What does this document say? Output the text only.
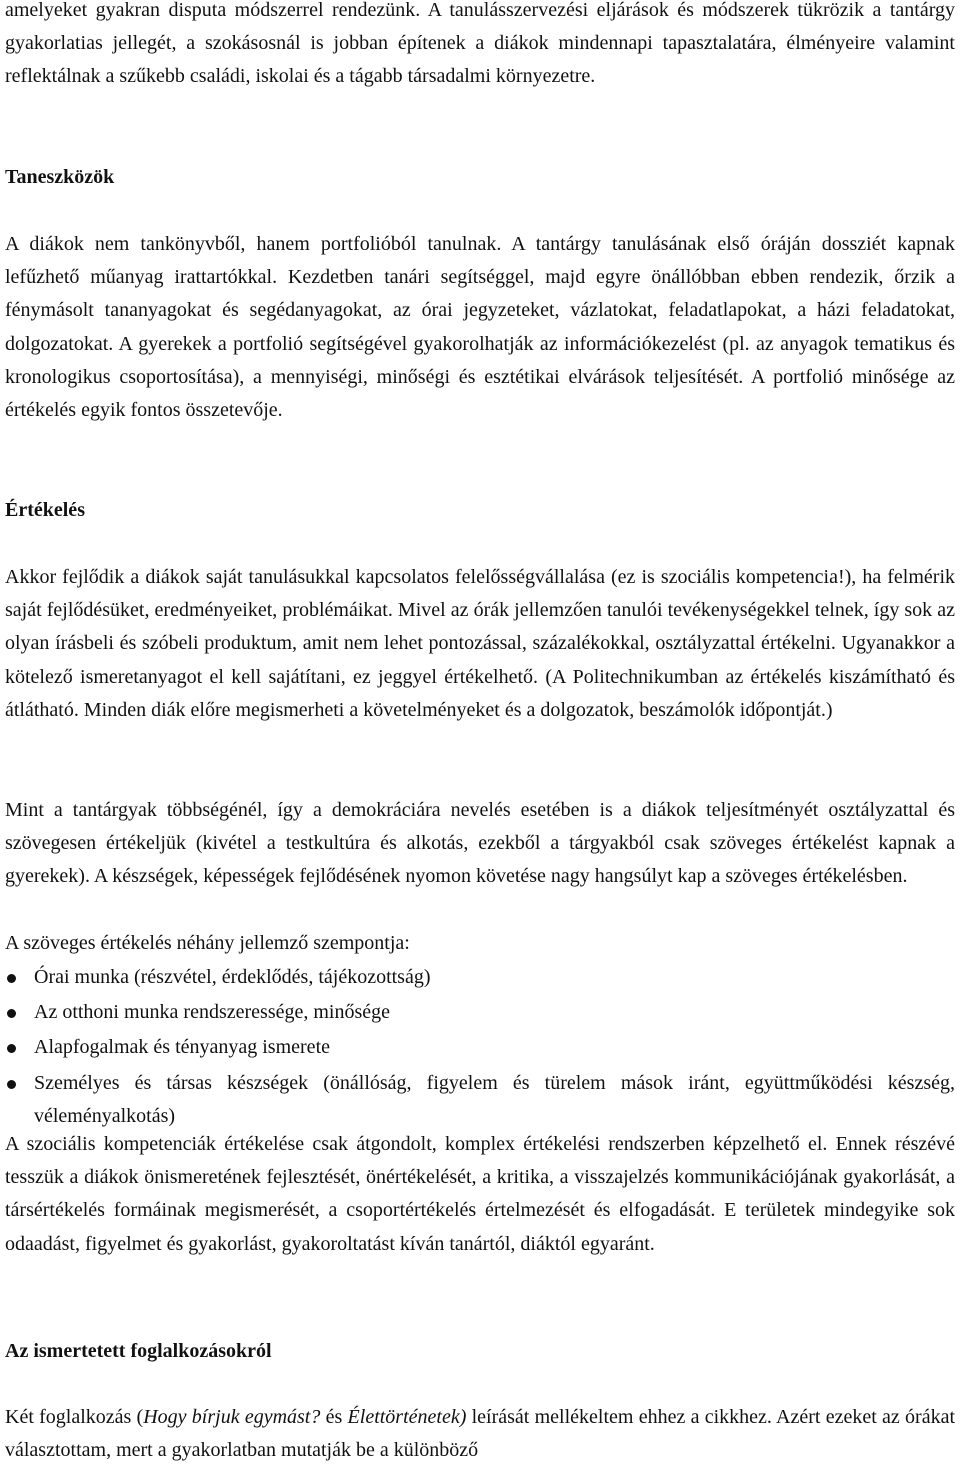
amelyeket gyakran disputa módszerrel rendezünk. A tanulásszervezési eljárások és módszerek tükrözik a tantárgy gyakorlatias jellegét, a szokásosnál is jobban építenek a diákok mindennapi tapasztalatára, élményeire valamint reflektálnak a szűkebb családi, iskolai és a tágabb társadalmi környezetre.

Taneszközök

A diákok nem tankönyvből, hanem portfolióból tanulnak. A tantárgy tanulásának első óráján dossziét kapnak lefűzhető műanyag irattartókkal. Kezdetben tanári segítséggel, majd egyre önállóbban ebben rendezik, őrzik a fénymásolt tananyagokat és segédanyagokat, az órai jegyzeteket, vázlatokat, feladatlapokat, a házi feladatokat, dolgozatokat. A gyerekek a portfolió segítségével gyakorolhatják az információkezelést (pl. az anyagok tematikus és kronologikus csoportosítása), a mennyiségi, minőségi és esztétikai elvárások teljesítését. A portfolió minősége az értékelés egyik fontos összetevője.

Értékelés

Akkor fejlődik a diákok saját tanulásukkal kapcsolatos felelősségvállalása (ez is szociális kompetencia!), ha felmérik saját fejlődésüket, eredményeiket, problémáikat. Mivel az órák jellemzően tanulói tevékenységekkel telnek, így sok az olyan írásbeli és szóbeli produktum, amit nem lehet pontozással, százalékokkal, osztályzattal értékelni. Ugyanakkor a kötelező ismeretanyagot el kell sajátítani, ez jeggyel értékelhető. (A Politechnikumban az értékelés kiszámítható és átlátható. Minden diák előre megismerheti a követelményeket és a dolgozatok, beszámolók időpontját.)

Mint a tantárgyak többségénél, így a demokráciára nevelés esetében is a diákok teljesítményét osztályzattal és szövegesen értékeljük (kivétel a testkultúra és alkotás, ezekből a tárgyakból csak szöveges értékelést kapnak a gyerekek). A készségek, képességek fejlődésének nyomon követése nagy hangsúlyt kap a szöveges értékelésben.

A szöveges értékelés néhány jellemző szempontja:

Órai munka (részvétel, érdeklődés, tájékozottság)
Az otthoni munka rendszeressége, minősége
Alapfogalmak és tényanyag ismerete
Személyes és társas készségek (önállóság, figyelem és türelem mások iránt, együttműködési készség, véleményalkotás)

A szociális kompetenciák értékelése csak átgondolt, komplex értékelési rendszerben képzelhető el. Ennek részévé tesszük a diákok önismeretének fejlesztését, önértékelését, a kritika, a visszajelzés kommunikációjának gyakorlását, a társértékelés formáinak megismerését, a csoportértékelés értelmezését és elfogadását. E területek mindegyike sok odaadást, figyelmet és gyakorlást, gyakoroltatást kíván tanártól, diáktól egyaránt.

Az ismertetett foglalkozásokról

Két foglalkozás (Hogy bírjuk egymást? és Élettörténetek) leírását mellékeltem ehhez a cikkhez. Azért ezeket az órákat választottam, mert a gyakorlatban mutatják be a különböző
